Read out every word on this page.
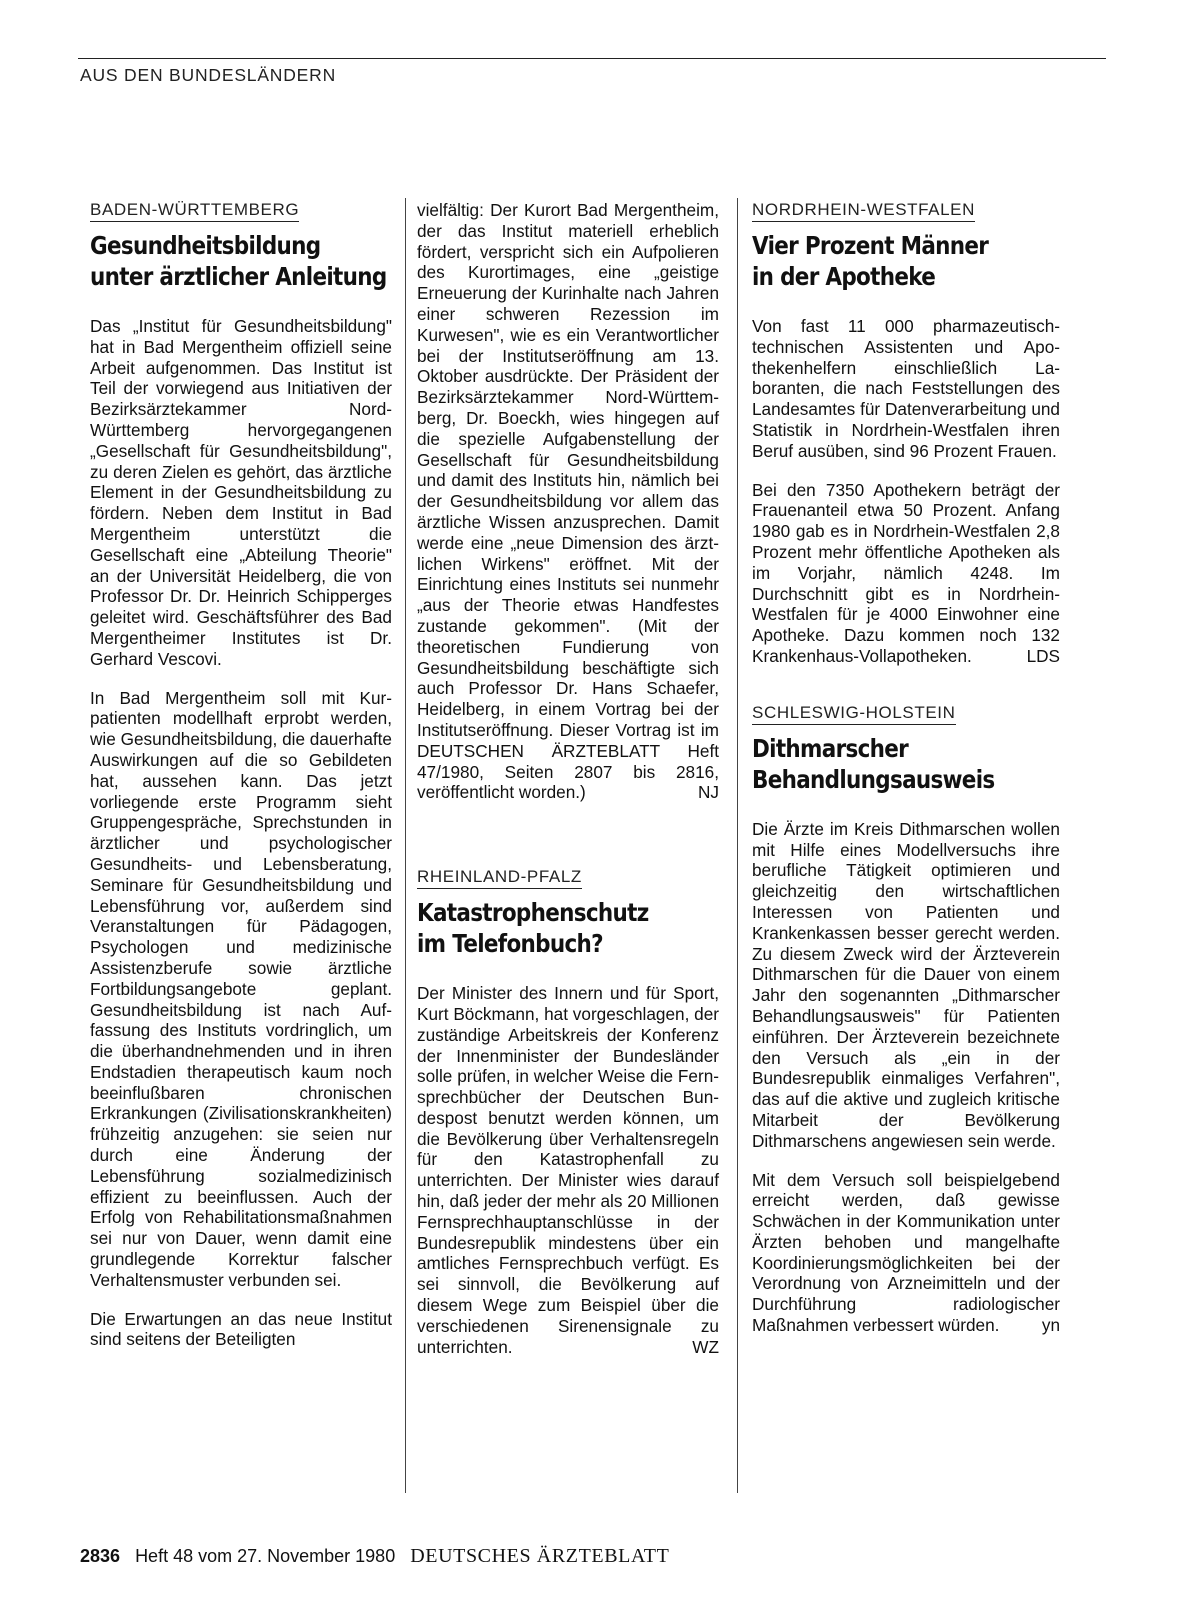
AUS DEN BUNDESLÄNDERN
BADEN-WÜRTTEMBERG
Gesundheitsbildung
unter ärztlicher Anleitung

Das „Institut für Gesundheitsbildung" hat in Bad Mergentheim offiziell seine Arbeit aufgenommen. Das Institut ist Teil der vorwiegend aus Initiativen der Bezirksärztekammer Nord-Württemberg hervorgegangenen „Gesellschaft für Gesundheitsbildung", zu deren Zielen es gehört, das ärztliche Element in der Gesundheitsbildung zu fördern. Neben dem Institut in Bad Mergentheim unterstützt die Gesellschaft eine „Abteilung Theorie" an der Universität Heidelberg, die von Professor Dr. Dr. Heinrich Schipperges geleitet wird. Geschäftsführer des Bad Mergentheimer Institutes ist Dr. Gerhard Vescovi.

In Bad Mergentheim soll mit Kurpatienten modellhaft erprobt werden, wie Gesundheitsbildung, die dauerhafte Auswirkungen auf die so Gebildeten hat, aussehen kann. Das jetzt vorliegende erste Programm sieht Gruppengespräche, Sprechstunden in ärztlicher und psychologischer Gesundheits- und Lebensberatung, Seminare für Gesundheitsbildung und Lebensführung vor, außerdem sind Veranstaltungen für Pädagogen, Psychologen und medizinische Assistenzberufe sowie ärztliche Fortbildungsangebote geplant. Gesundheitsbildung ist nach Auffassung des Instituts vordringlich, um die überhandnehmenden und in ihren Endstadien therapeutisch kaum noch beeinflußbaren chronischen Erkrankungen (Zivilisationskrankheiten) frühzeitig anzugehen: sie seien nur durch eine Änderung der Lebensführung sozialmedizinisch effizient zu beeinflussen. Auch der Erfolg von Rehabilitationsmaßnahmen sei nur von Dauer, wenn damit eine grundlegende Korrektur falscher Verhaltensmuster verbunden sei.

Die Erwartungen an das neue Institut sind seitens der Beteiligten

vielfältig: Der Kurort Bad Mergentheim, der das Institut materiell erheblich fördert, verspricht sich ein Aufpolieren des Kurortimages, eine „geistige Erneuerung der Kurinhalte nach Jahren einer schweren Rezession im Kurwesen", wie es ein Verantwortlicher bei der Institutseröffnung am 13. Oktober ausdrückte. Der Präsident der Bezirksärztekammer Nord-Württemberg, Dr. Boeckh, wies hingegen auf die spezielle Aufgabenstellung der Gesellschaft für Gesundheitsbildung und damit des Instituts hin, nämlich bei der Gesundheitsbildung vor allem das ärztliche Wissen anzusprechen. Damit werde eine „neue Dimension des ärztlichen Wirkens" eröffnet. Mit der Einrichtung eines Instituts sei nunmehr „aus der Theorie etwas Handfestes zustande gekommen". (Mit der theoretischen Fundierung von Gesundheitsbildung beschäftigte sich auch Professor Dr. Hans Schaefer, Heidelberg, in einem Vortrag bei der Institutseröffnung. Dieser Vortrag ist im DEUTSCHEN ÄRZTEBLATT Heft 47/1980, Seiten 2807 bis 2816, veröffentlicht worden.)	NJ

RHEINLAND-PFALZ
Katastrophenschutz
im Telefonbuch?

Der Minister des Innern und für Sport, Kurt Böckmann, hat vorgeschlagen, der zuständige Arbeitskreis der Konferenz der Innenminister der Bundesländer solle prüfen, in welcher Weise die Fernsprechbücher der Deutschen Bundespost benutzt werden können, um die Bevölkerung über Verhaltensregeln für den Katastrophenfall zu unterrichten. Der Minister wies darauf hin, daß jeder der mehr als 20 Millionen Fernsprechhauptanschlüsse in der Bundesrepublik mindestens über ein amtliches Fernsprechbuch verfügt. Es sei sinnvoll, die Bevölkerung auf diesem Wege zum Beispiel über die verschiedenen Sirenensignale zu unterrichten.	WZ

NORDRHEIN-WESTFALEN
Vier Prozent Männer
in der Apotheke

Von fast 11 000 pharmazeutisch-technischen Assistenten und Apothekenhelfern einschließlich Laboranten, die nach Feststellungen des Landesamtes für Datenverarbeitung und Statistik in Nordrhein-Westfalen ihren Beruf ausüben, sind 96 Prozent Frauen.

Bei den 7350 Apothekern beträgt der Frauenanteil etwa 50 Prozent. Anfang 1980 gab es in Nordrhein-Westfalen 2,8 Prozent mehr öffentliche Apotheken als im Vorjahr, nämlich 4248. Im Durchschnitt gibt es in Nordrhein-Westfalen für je 4000 Einwohner eine Apotheke. Dazu kommen noch 132 Krankenhaus-Vollapotheken.	LDS

SCHLESWIG-HOLSTEIN
Dithmarscher
Behandlungsausweis

Die Ärzte im Kreis Dithmarschen wollen mit Hilfe eines Modellversuchs ihre berufliche Tätigkeit optimieren und gleichzeitig den wirtschaftlichen Interessen von Patienten und Krankenkassen besser gerecht werden. Zu diesem Zweck wird der Ärzteverein Dithmarschen für die Dauer von einem Jahr den sogenannten „Dithmarscher Behandlungsausweis" für Patienten einführen. Der Ärzteverein bezeichnete den Versuch als „ein in der Bundesrepublik einmaliges Verfahren", das auf die aktive und zugleich kritische Mitarbeit der Bevölkerung Dithmarschens angewiesen sein werde.

Mit dem Versuch soll beispielgebend erreicht werden, daß gewisse Schwächen in der Kommunikation unter Ärzten behoben und mangelhafte Koordinierungsmöglichkeiten bei der Verordnung von Arzneimitteln und der Durchführung radiologischer Maßnahmen verbessert würden. yn

2836 Heft 48 vom 27. November 1980 DEUTSCHES ÄRZTEBLATT
